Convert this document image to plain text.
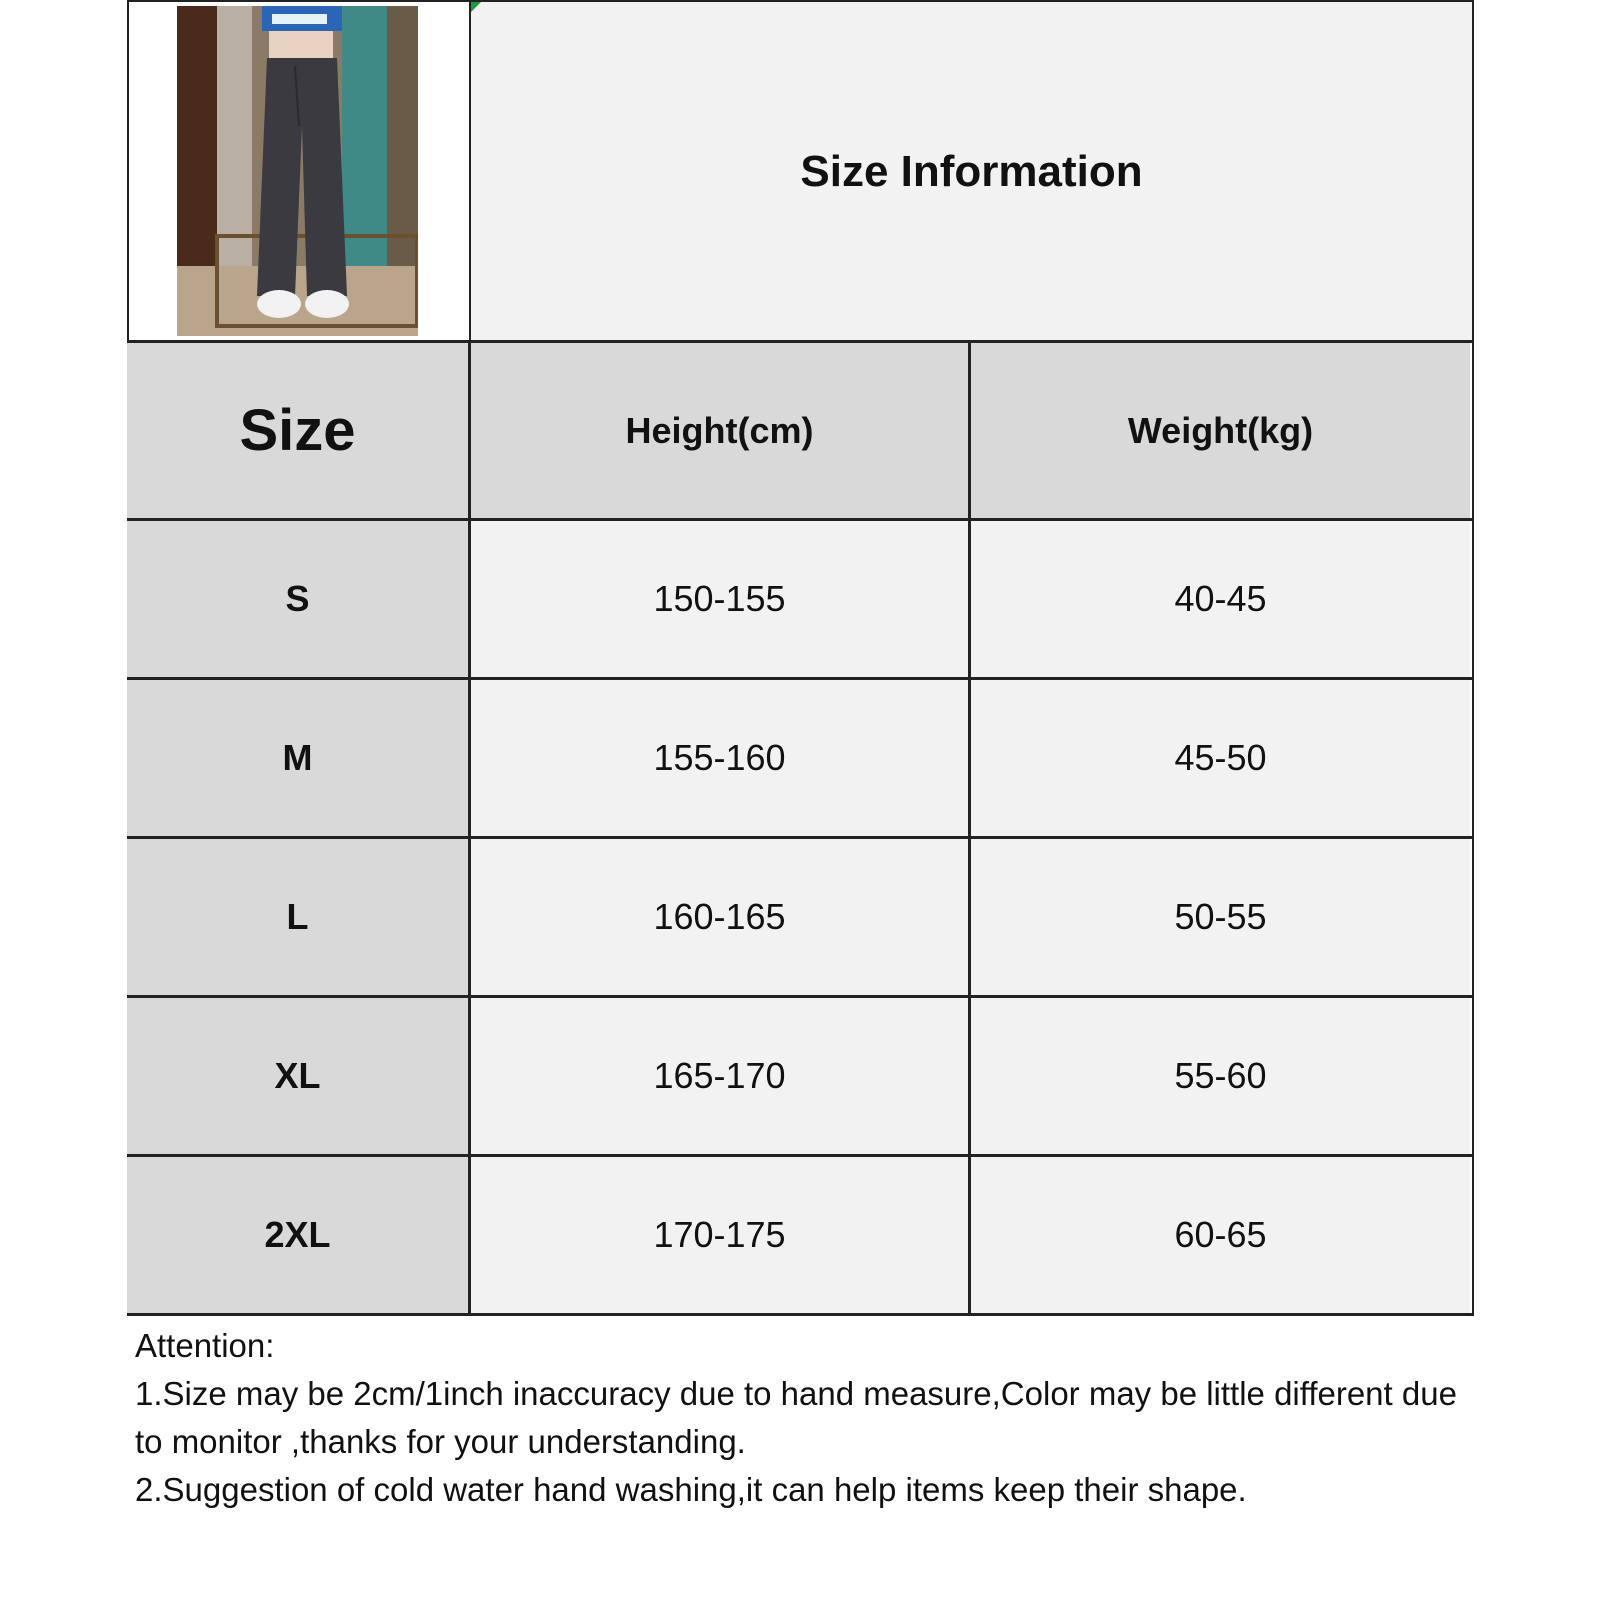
Size Information
Size	Height(cm)	Weight(kg)
S	150-155	40-45
M	155-160	45-50
L	160-165	50-55
XL	165-170	55-60
2XL	170-175	60-65

Attention:

1.Size may be 2cm/1inch inaccuracy due to hand measure,Color may be little different due to monitor ,thanks for your understanding.

2.Suggestion of cold water hand washing,it can help items keep their shape.
